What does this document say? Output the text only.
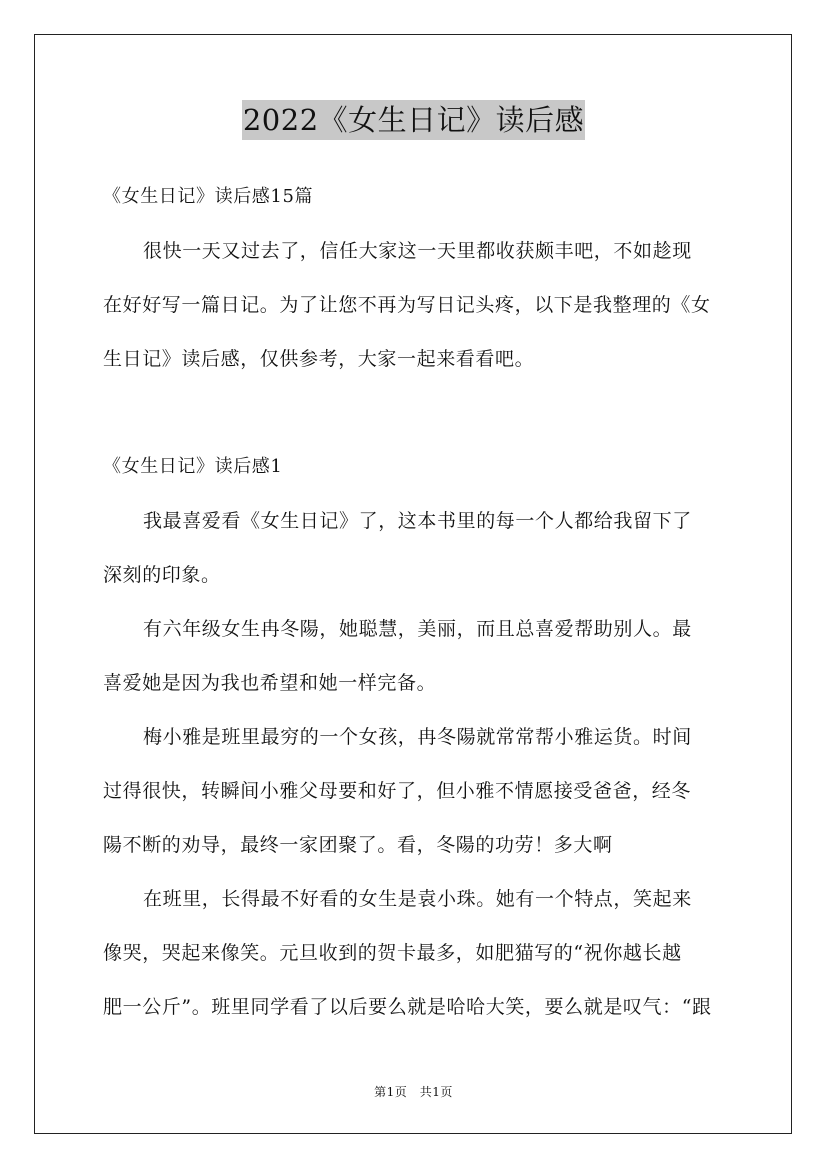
2022《女生日记》读后感
《女生日记》读后感15篇
很快一天又过去了，信任大家这一天里都收获颇丰吧，不如趁现
在好好写一篇日记。为了让您不再为写日记头疼，以下是我整理的《女
生日记》读后感，仅供参考，大家一起来看看吧。
《女生日记》读后感1
我最喜爱看《女生日记》了，这本书里的每一个人都给我留下了
深刻的印象。
有六年级女生冉冬陽，她聪慧，美丽，而且总喜爱帮助别人。最
喜爱她是因为我也希望和她一样完备。
梅小雅是班里最穷的一个女孩，冉冬陽就常常帮小雅运货。时间
过得很快，转瞬间小雅父母要和好了，但小雅不情愿接受爸爸，经冬
陽不断的劝导，最终一家团聚了。看，冬陽的功劳！多大啊
在班里，长得最不好看的女生是袁小珠。她有一个特点，笑起来
像哭，哭起来像笑。元旦收到的贺卡最多，如肥猫写的“祝你越长越
肥一公斤”。班里同学看了以后要么就是哈哈大笑，要么就是叹气：“跟
第1页　共1页
